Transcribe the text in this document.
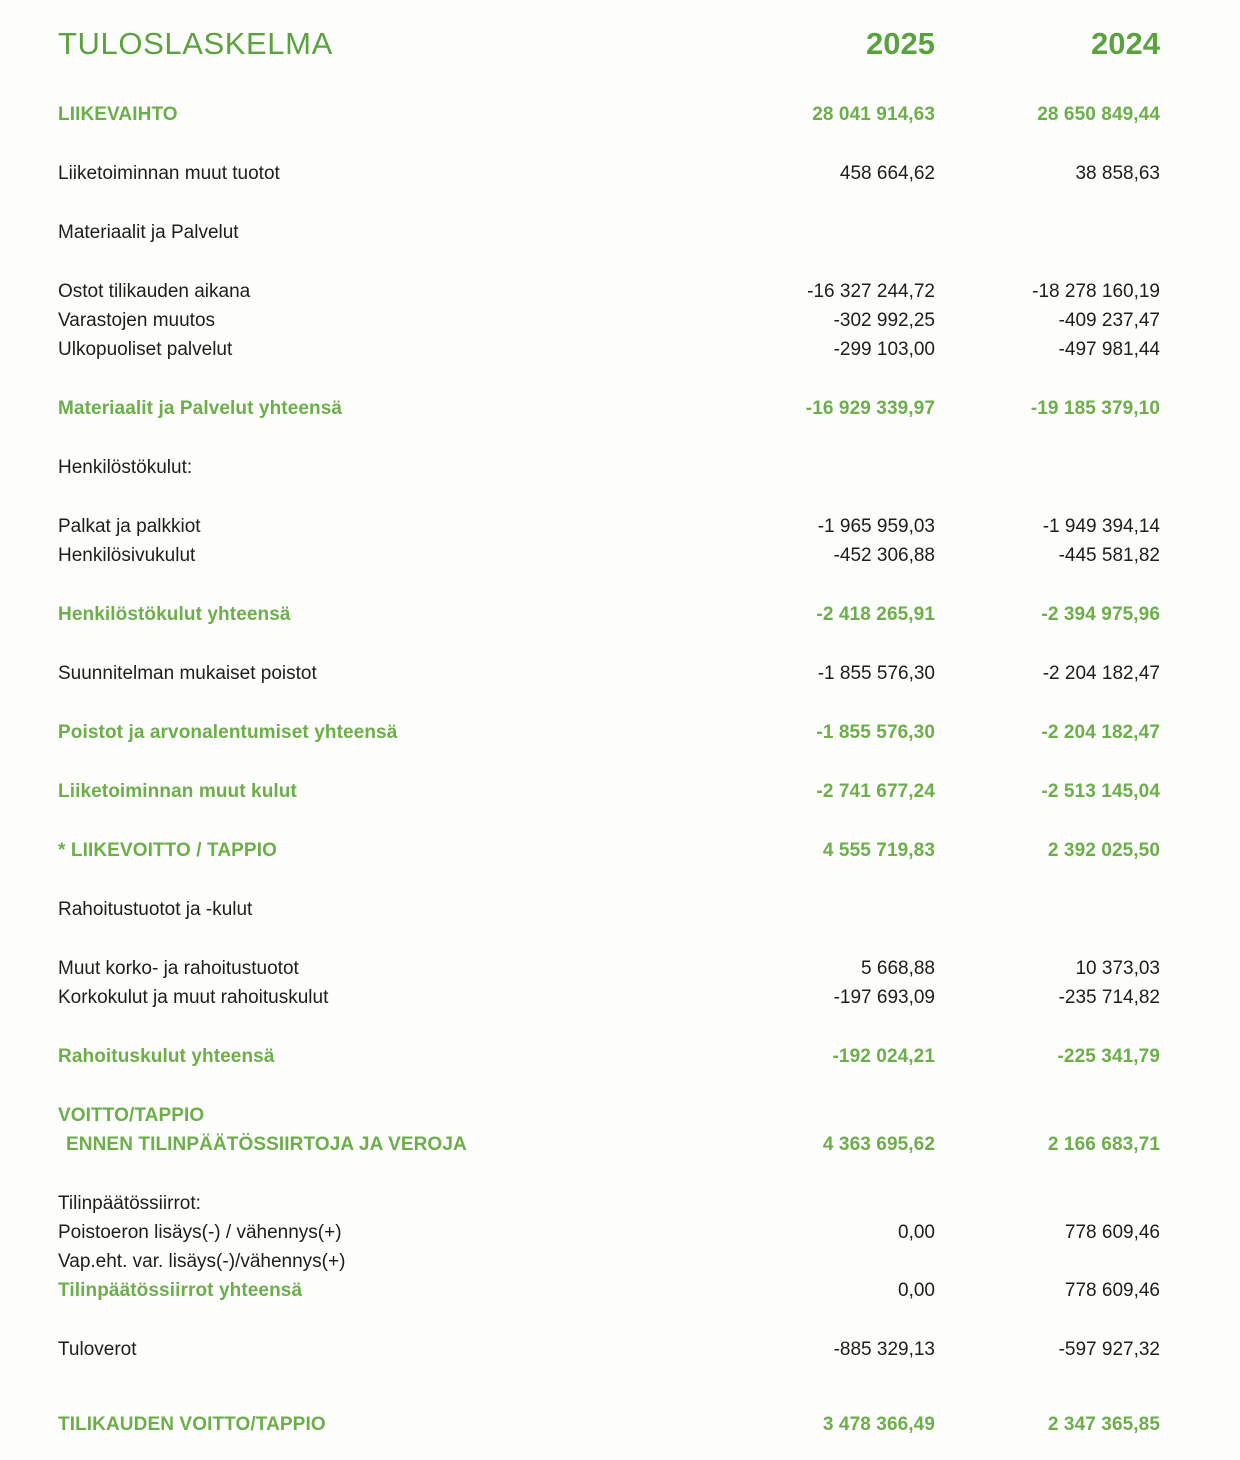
TULOSLASKELMA	2025	2024
LIIKEVAIHTO	28 041 914,63	28 650 849,44
Liiketoiminnan muut tuotot	458 664,62	38 858,63
Materiaalit ja Palvelut
Ostot tilikauden aikana	-16 327 244,72	-18 278 160,19
Varastojen muutos	-302 992,25	-409 237,47
Ulkopuoliset palvelut	-299 103,00	-497 981,44
Materiaalit ja Palvelut yhteensä	-16 929 339,97	-19 185 379,10
Henkilöstökulut:
Palkat ja palkkiot	-1 965 959,03	-1 949 394,14
Henkilösivukulut	-452 306,88	-445 581,82
Henkilöstökulut yhteensä	-2 418 265,91	-2 394 975,96
Suunnitelman mukaiset poistot	-1 855 576,30	-2 204 182,47
Poistot ja arvonalentumiset yhteensä	-1 855 576,30	-2 204 182,47
Liiketoiminnan muut kulut	-2 741 677,24	-2 513 145,04
* LIIKEVOITTO / TAPPIO	4 555 719,83	2 392 025,50
Rahoitustuotot ja -kulut
Muut korko- ja rahoitustuotot	5 668,88	10 373,03
Korkokulut ja muut rahoituskulut	-197 693,09	-235 714,82
Rahoituskulut yhteensä	-192 024,21	-225 341,79
VOITTO/TAPPIO
ENNEN TILINPÄÄTÖSSIIRTOJA JA VEROJA	4 363 695,62	2 166 683,71
Tilinpäätössiirrot:
Poistoeron lisäys(-) / vähennys(+)	0,00	778 609,46
Vap.eht. var. lisäys(-)/vähennys(+)
Tilinpäätössiirrot yhteensä	0,00	778 609,46
Tuloverot	-885 329,13	-597 927,32
TILIKAUDEN VOITTO/TAPPIO	3 478 366,49	2 347 365,85
